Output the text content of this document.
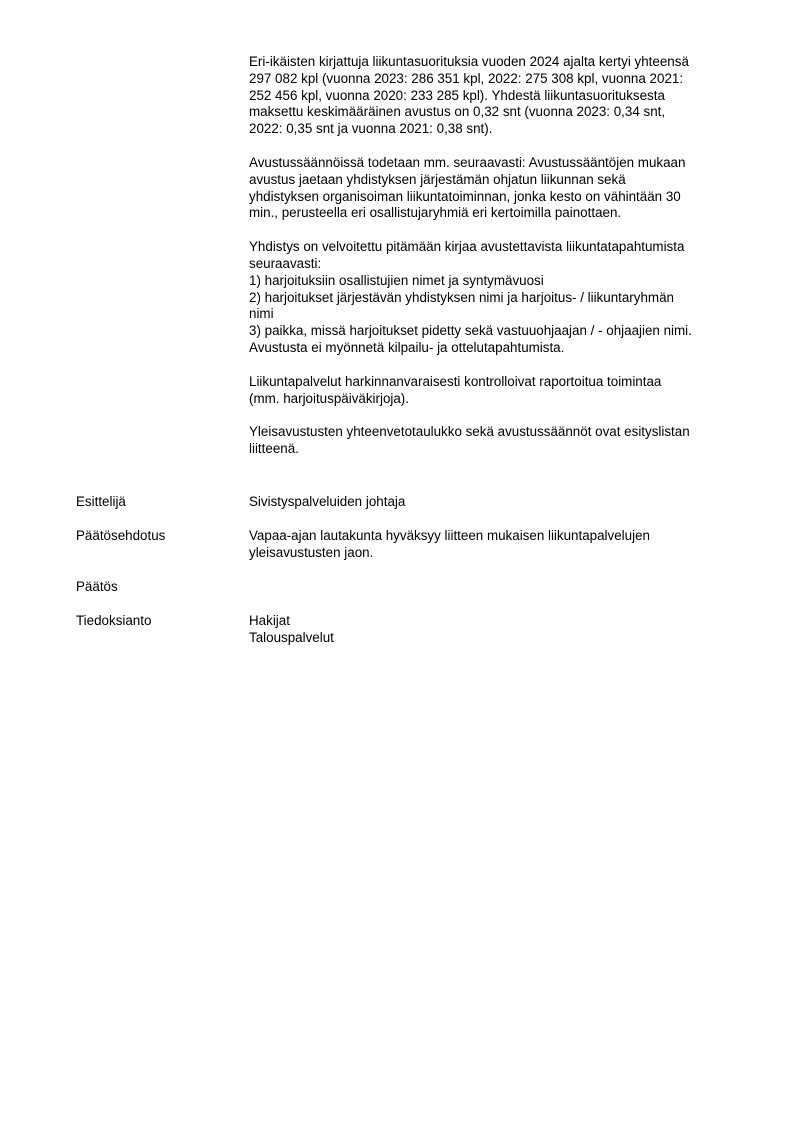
Eri-ikäisten kirjattuja liikuntasuorituksia vuoden 2024 ajalta kertyi yhteensä
297 082 kpl (vuonna 2023: 286 351 kpl, 2022: 275 308 kpl, vuonna 2021:
252 456 kpl, vuonna 2020: 233 285 kpl). Yhdestä liikuntasuorituksesta
maksettu keskimääräinen avustus on 0,32 snt (vuonna 2023: 0,34 snt,
2022: 0,35 snt ja vuonna 2021: 0,38 snt).
Avustussäännöissä todetaan mm. seuraavasti: Avustussääntöjen mukaan
avustus jaetaan yhdistyksen järjestämän ohjatun liikunnan sekä
yhdistyksen organisoiman liikuntatoiminnan, jonka kesto on vähintään 30
min., perusteella eri osallistujaryhmiä eri kertoimilla painottaen.
Yhdistys on velvoitettu pitämään kirjaa avustettavista liikuntatapahtumista
seuraavasti:
1) harjoituksiin osallistujien nimet ja syntymävuosi
2) harjoitukset järjestävän yhdistyksen nimi ja harjoitus- / liikuntaryhmän
nimi
3) paikka, missä harjoitukset pidetty sekä vastuuohjaajan / - ohjaajien nimi.
Avustusta ei myönnetä kilpailu- ja ottelutapahtumista.
Liikuntapalvelut harkinnanvaraisesti kontrolloivat raportoitua toimintaa
(mm. harjoituspäiväkirjoja).
Yleisavustusten yhteenvetotaulukko sekä avustussäännöt ovat esityslistan
liitteenä.
Esittelijä	Sivistyspalveluiden johtaja
Päätösehdotus	Vapaa-ajan lautakunta hyväksyy liitteen mukaisen liikuntapalvelujen
yleisavustusten jaon.
Päätös
Tiedoksianto	Hakijat
Talouspalvelut
